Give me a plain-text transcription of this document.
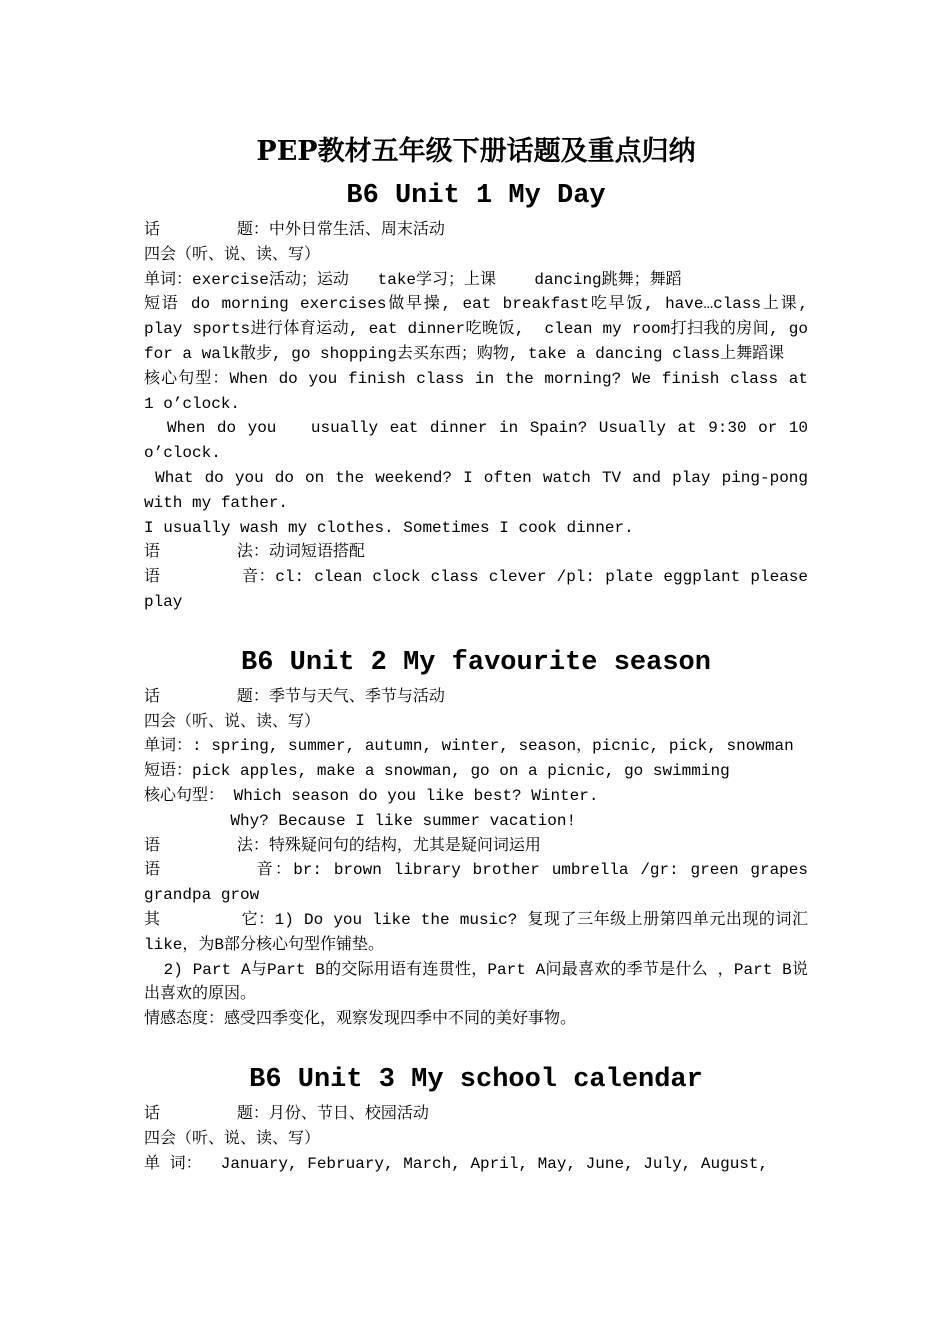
PEP教材五年级下册话题及重点归纳
B6 Unit 1 My Day

话        题：中外日常生活、周末活动

四会（听、说、读、写）

单词：exercise活动；运动   take学习；上课    dancing跳舞；舞蹈

短语 do morning exercises做早操, eat breakfast吃早饭, have…class上课, play sports进行体育运动, eat dinner吃晚饭,  clean my room打扫我的房间, go for a walk散步, go shopping去买东西；购物, take a dancing class上舞蹈课

核心句型：When do you finish class in the morning? We finish class at 1 o’clock.

When do you   usually eat dinner in Spain? Usually at 9:30 or 10 o’clock.

What do you do on the weekend? I often watch TV and play ping-pong with my father.

I usually wash my clothes. Sometimes I cook dinner.

语        法：动词短语搭配

语        音：cl: clean clock class clever /pl: plate eggplant please play

B6 Unit 2 My favourite season

话        题：季节与天气、季节与活动

四会（听、说、读、写）

单词：: spring, summer, autumn, winter, season，picnic, pick, snowman

短语：pick apples, make a snowman, go on a picnic, go swimming

核心句型： Which season do you like best? Winter.

Why? Because I like summer vacation!

语        法：特殊疑问句的结构，尤其是疑问词运用

语        音：br: brown library brother umbrella /gr: green grapes grandpa grow

其        它：1) Do you like the music? 复现了三年级上册第四单元出现的词汇like，为B部分核心句型作铺垫。

2) Part A与Part B的交际用语有连贯性，Part A问最喜欢的季节是什么 ，Part B说出喜欢的原因。

情感态度：感受四季变化，观察发现四季中不同的美好事物。

B6 Unit 3 My school calendar

话        题：月份、节日、校园活动

四会（听、说、读、写）

单 词：  January, February, March, April, May, June, July, August,
